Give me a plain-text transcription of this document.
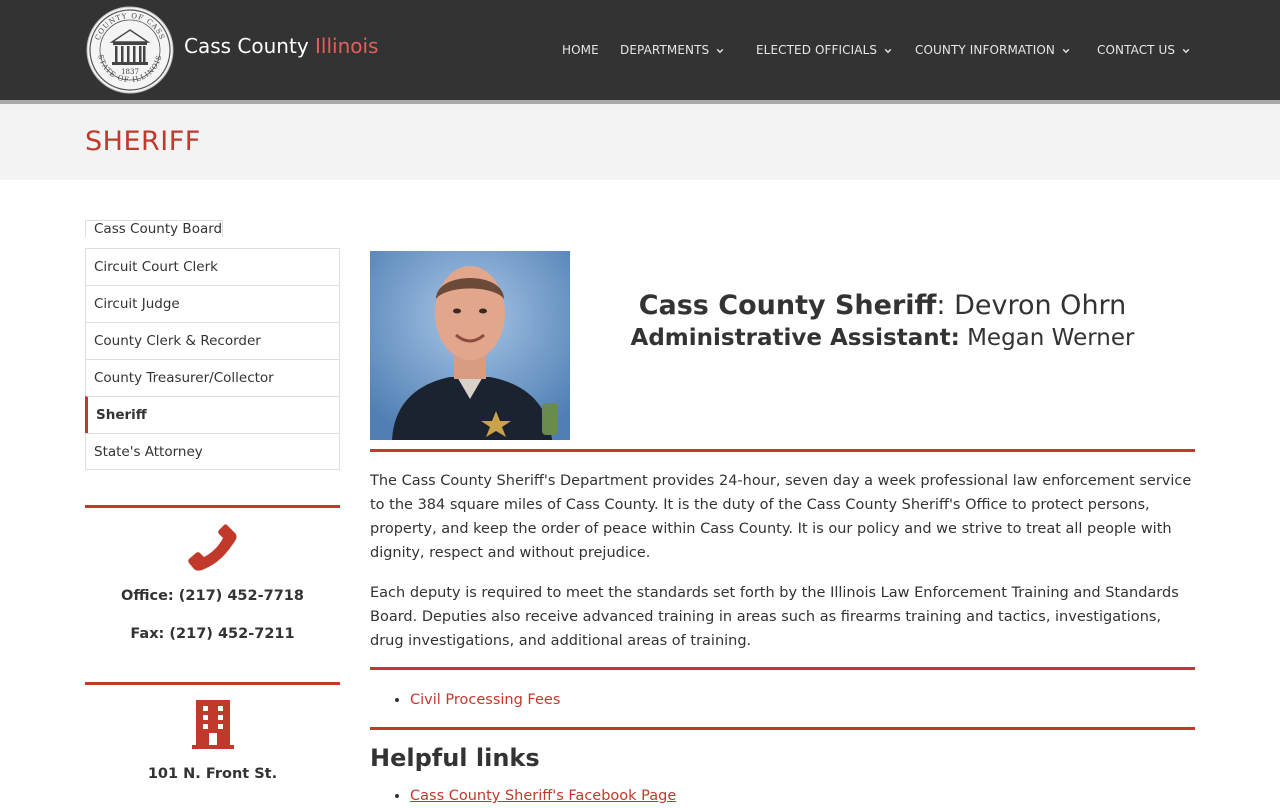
COUNTY OF CASS
STATE OF ILLINOIS
1837
Cass County Illinois	HOME DEPARTMENTS	ELECTED OFFICIALS	COUNTY INFORMATION	CONTACT US
SHERIFF
Cass County Board
Circuit Court Clerk
Circuit Judge
County Clerk & Recorder
County Treasurer/Collector
Sheriff
State's Attorney
Office: (217) 452-7718
Fax: (217) 452-7211
101 N. Front St.
Cass County Sheriff: Devron Ohrn
Administrative Assistant: Megan Werner

The Cass County Sheriff's Department provides 24-hour, seven day a week professional law enforcement service to the 384 square miles of Cass County. It is the duty of the Cass County Sheriff's Office to protect persons, property, and keep the order of peace within Cass County. It is our policy and we strive to treat all people with dignity, respect and without prejudice.

Each deputy is required to meet the standards set forth by the Illinois Law Enforcement Training and Standards Board. Deputies also receive advanced training in areas such as firearms training and tactics, investigations, drug investigations, and additional areas of training.

• Civil Processing Fees
Helpful links
• Cass County Sheriff's Facebook Page
